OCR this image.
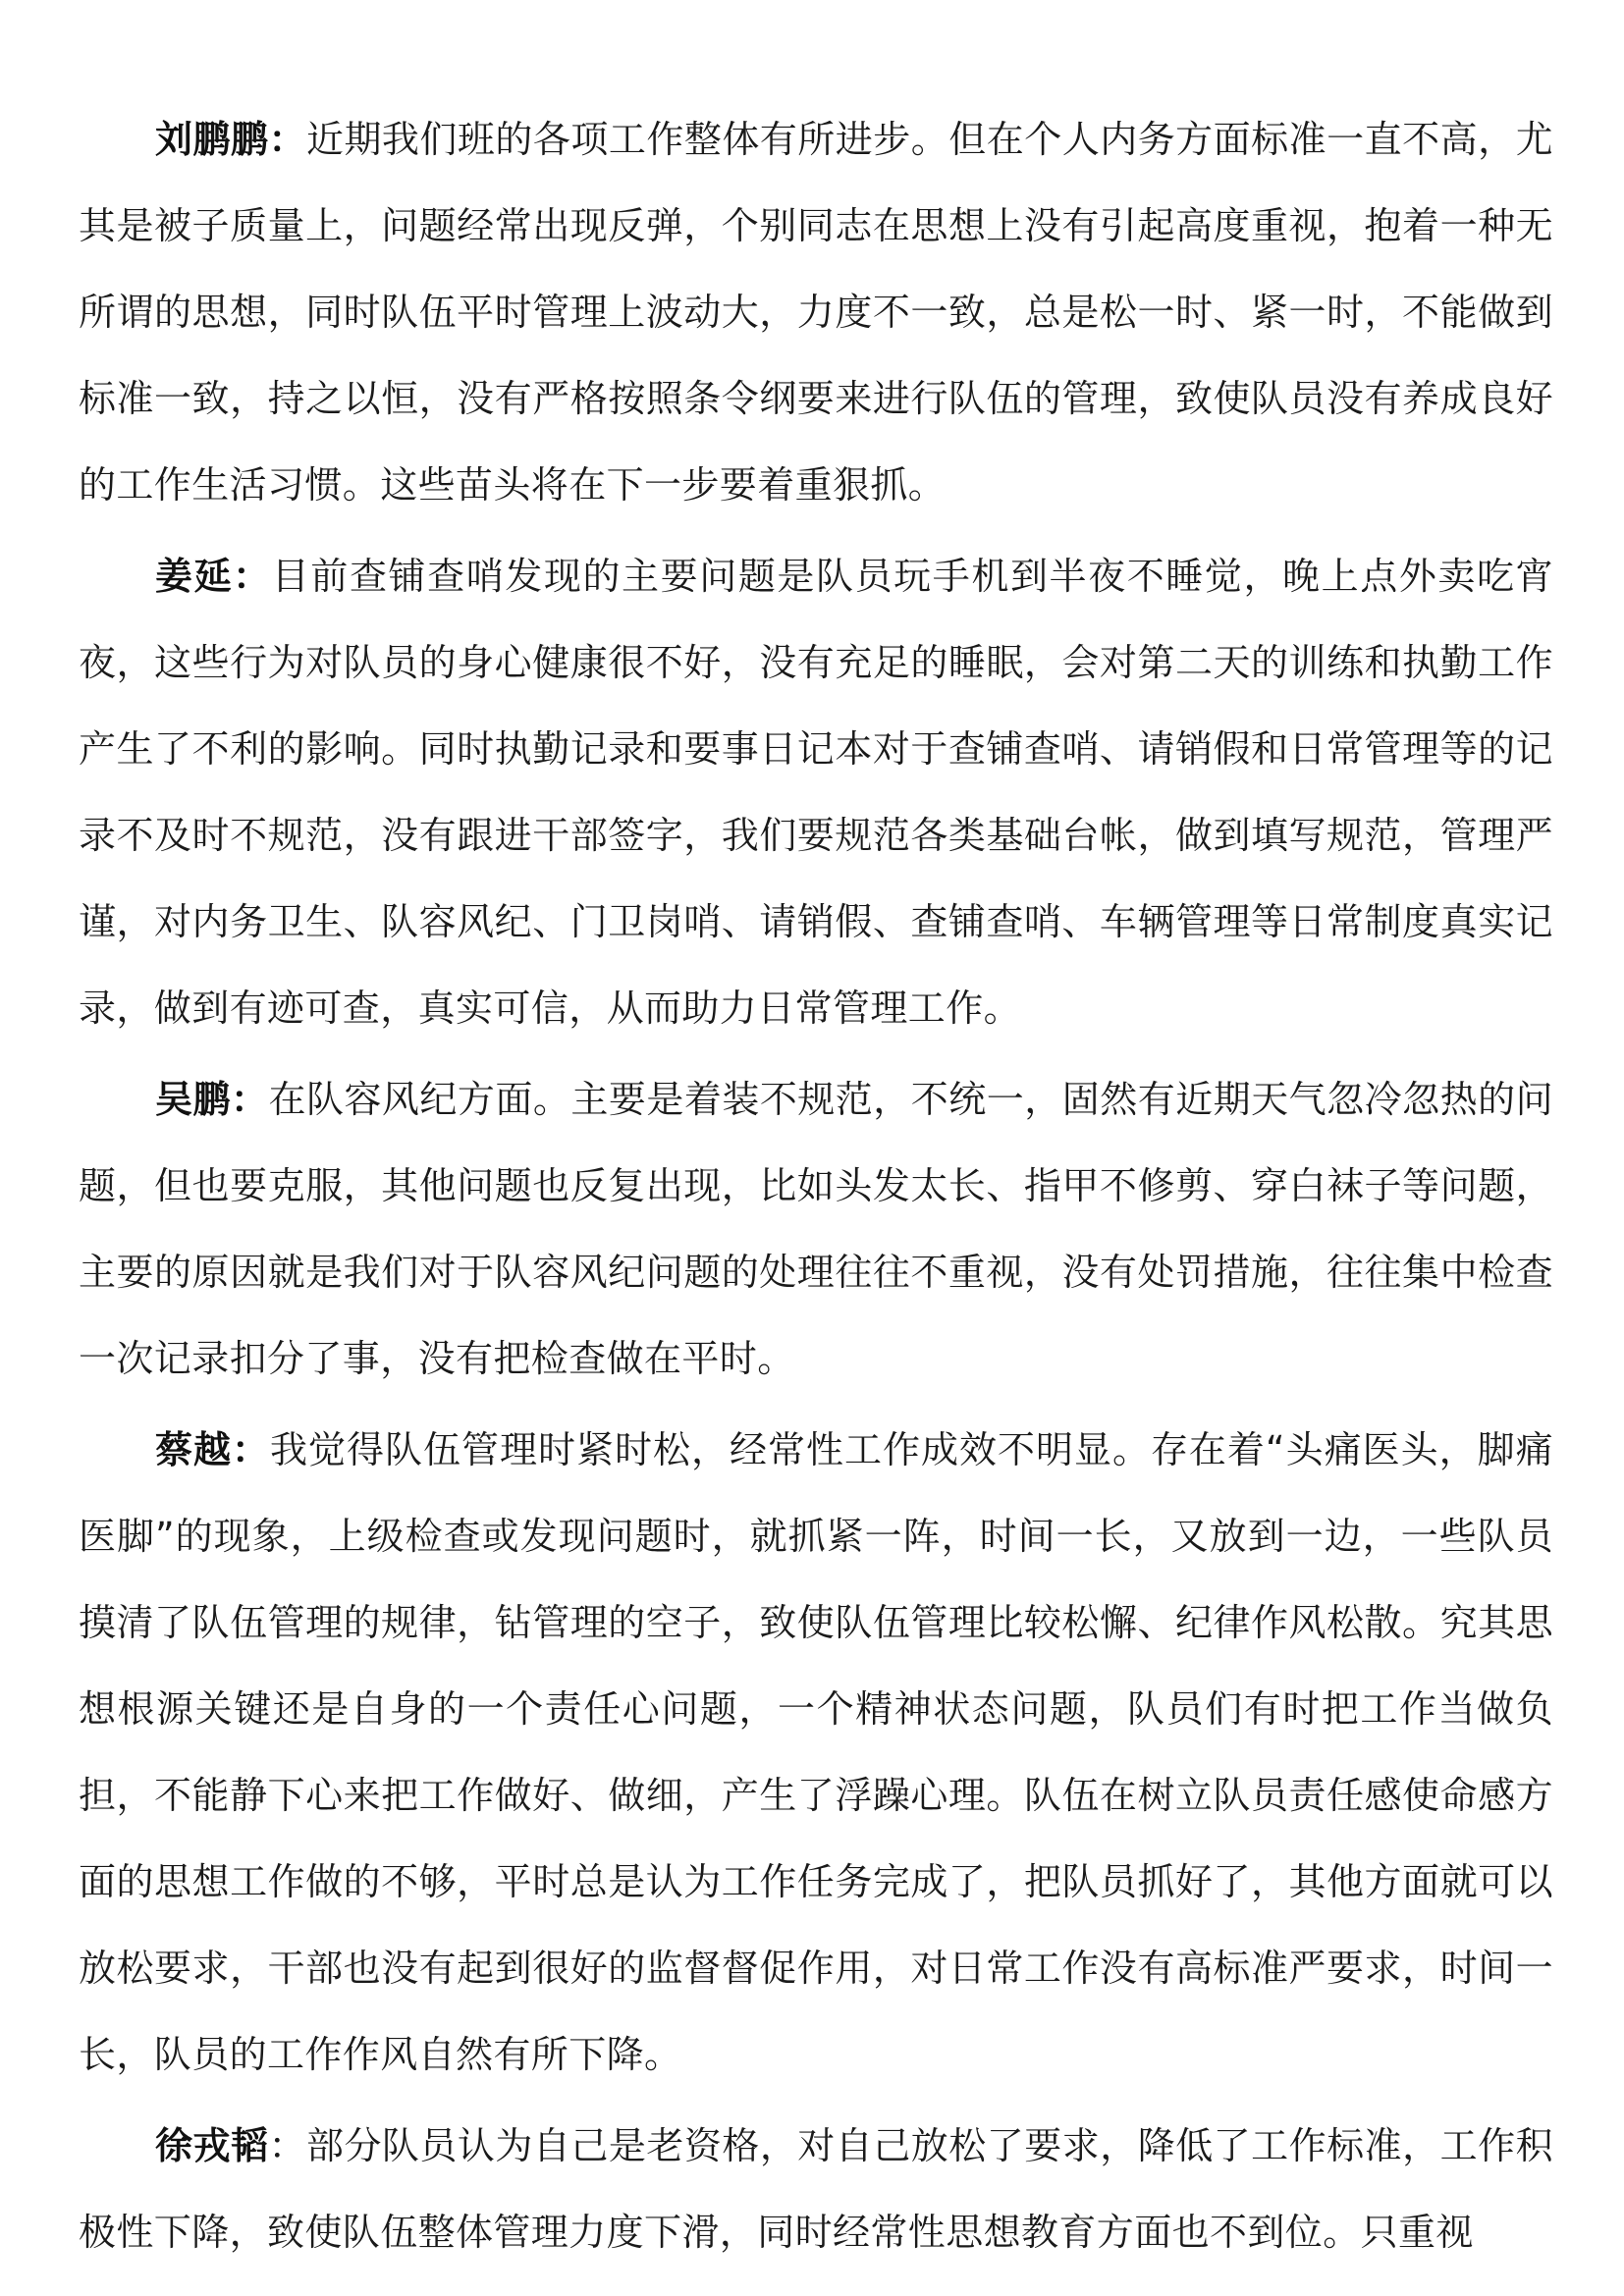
刘鹏鹏：近期我们班的各项工作整体有所进步。但在个人内务方面标准一直不高，尤其是被子质量上，问题经常出现反弹，个别同志在思想上没有引起高度重视，抱着一种无所谓的思想，同时队伍平时管理上波动大，力度不一致，总是松一时、紧一时，不能做到标准一致，持之以恒，没有严格按照条令纲要来进行队伍的管理，致使队员没有养成良好的工作生活习惯。这些苗头将在下一步要着重狠抓。

姜延：目前查铺查哨发现的主要问题是队员玩手机到半夜不睡觉，晚上点外卖吃宵夜，这些行为对队员的身心健康很不好，没有充足的睡眠，会对第二天的训练和执勤工作产生了不利的影响。同时执勤记录和要事日记本对于查铺查哨、请销假和日常管理等的记录不及时不规范，没有跟进干部签字，我们要规范各类基础台帐，做到填写规范，管理严谨，对内务卫生、队容风纪、门卫岗哨、请销假、查铺查哨、车辆管理等日常制度真实记录，做到有迹可查，真实可信，从而助力日常管理工作。

吴鹏：在队容风纪方面。主要是着装不规范，不统一，固然有近期天气忽冷忽热的问题，但也要克服，其他问题也反复出现，比如头发太长、指甲不修剪、穿白袜子等问题，主要的原因就是我们对于队容风纪问题的处理往往不重视，没有处罚措施，往往集中检查一次记录扣分了事，没有把检查做在平时。

蔡越：我觉得队伍管理时紧时松，经常性工作成效不明显。存在着“头痛医头，脚痛医脚”的现象，上级检查或发现问题时，就抓紧一阵，时间一长，又放到一边，一些队员摸清了队伍管理的规律，钻管理的空子，致使队伍管理比较松懈、纪律作风松散。究其思想根源关键还是自身的一个责任心问题，一个精神状态问题，队员们有时把工作当做负担，不能静下心来把工作做好、做细，产生了浮躁心理。队伍在树立队员责任感使命感方面的思想工作做的不够，平时总是认为工作任务完成了，把队员抓好了，其他方面就可以放松要求，干部也没有起到很好的监督督促作用，对日常工作没有高标准严要求，时间一长，队员的工作作风自然有所下降。

徐戎韬：部分队员认为自己是老资格，对自己放松了要求，降低了工作标准，工作积极性下降，致使队伍整体管理力度下滑，同时经常性思想教育方面也不到位。只重视
